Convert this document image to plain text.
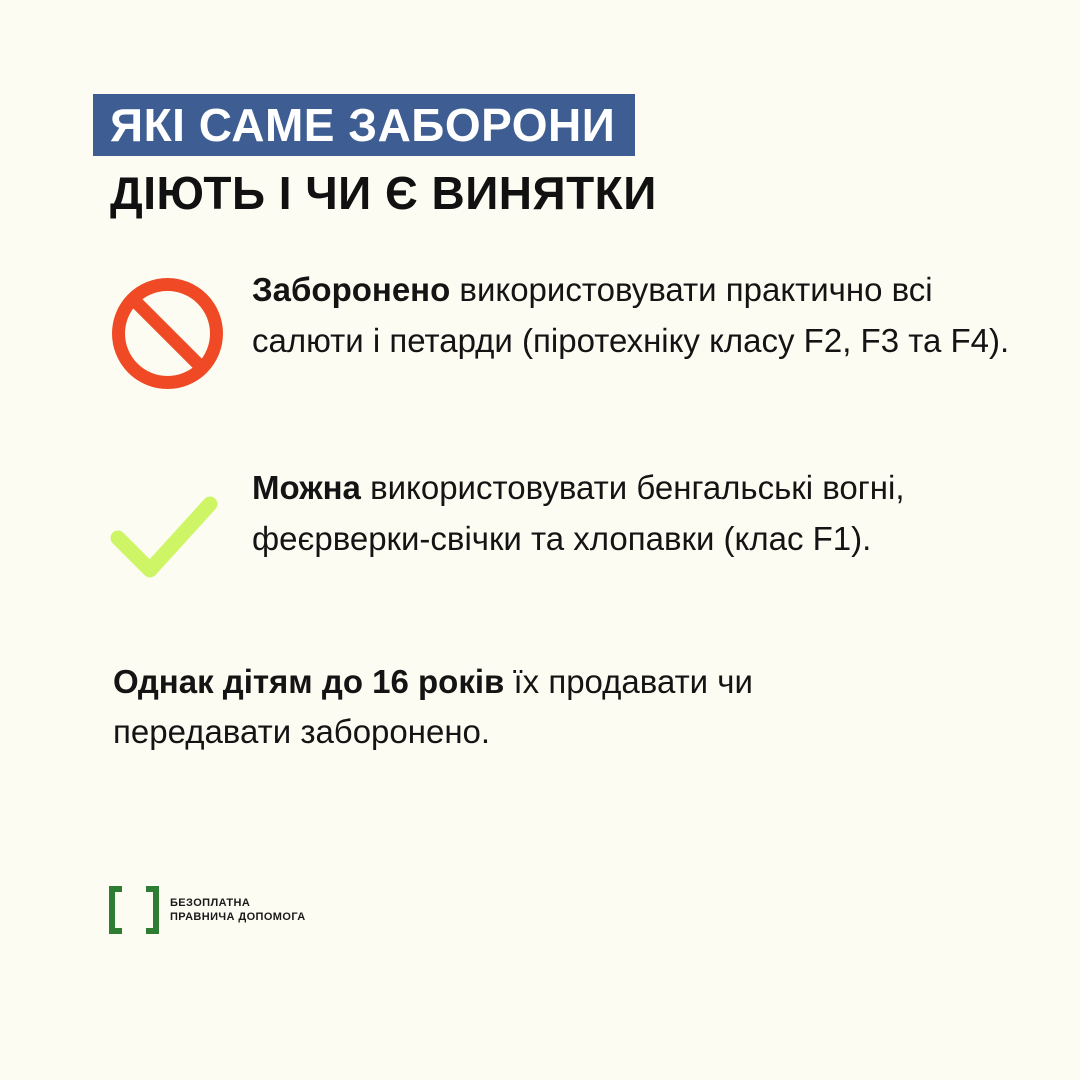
ЯКІ САМЕ ЗАБОРОНИ
ДІЮТЬ І ЧИ Є ВИНЯТКИ
Заборонено використовувати практично всі салюти і петарди (піротехніку класу F2, F3 та F4).
Можна використовувати бенгальські вогні, феєрверки-свічки та хлопавки (клас F1).
Однак дітям до 16 років їх продавати чи передавати заборонено.
БЕЗОПЛАТНА
ПРАВНИЧА ДОПОМОГА
